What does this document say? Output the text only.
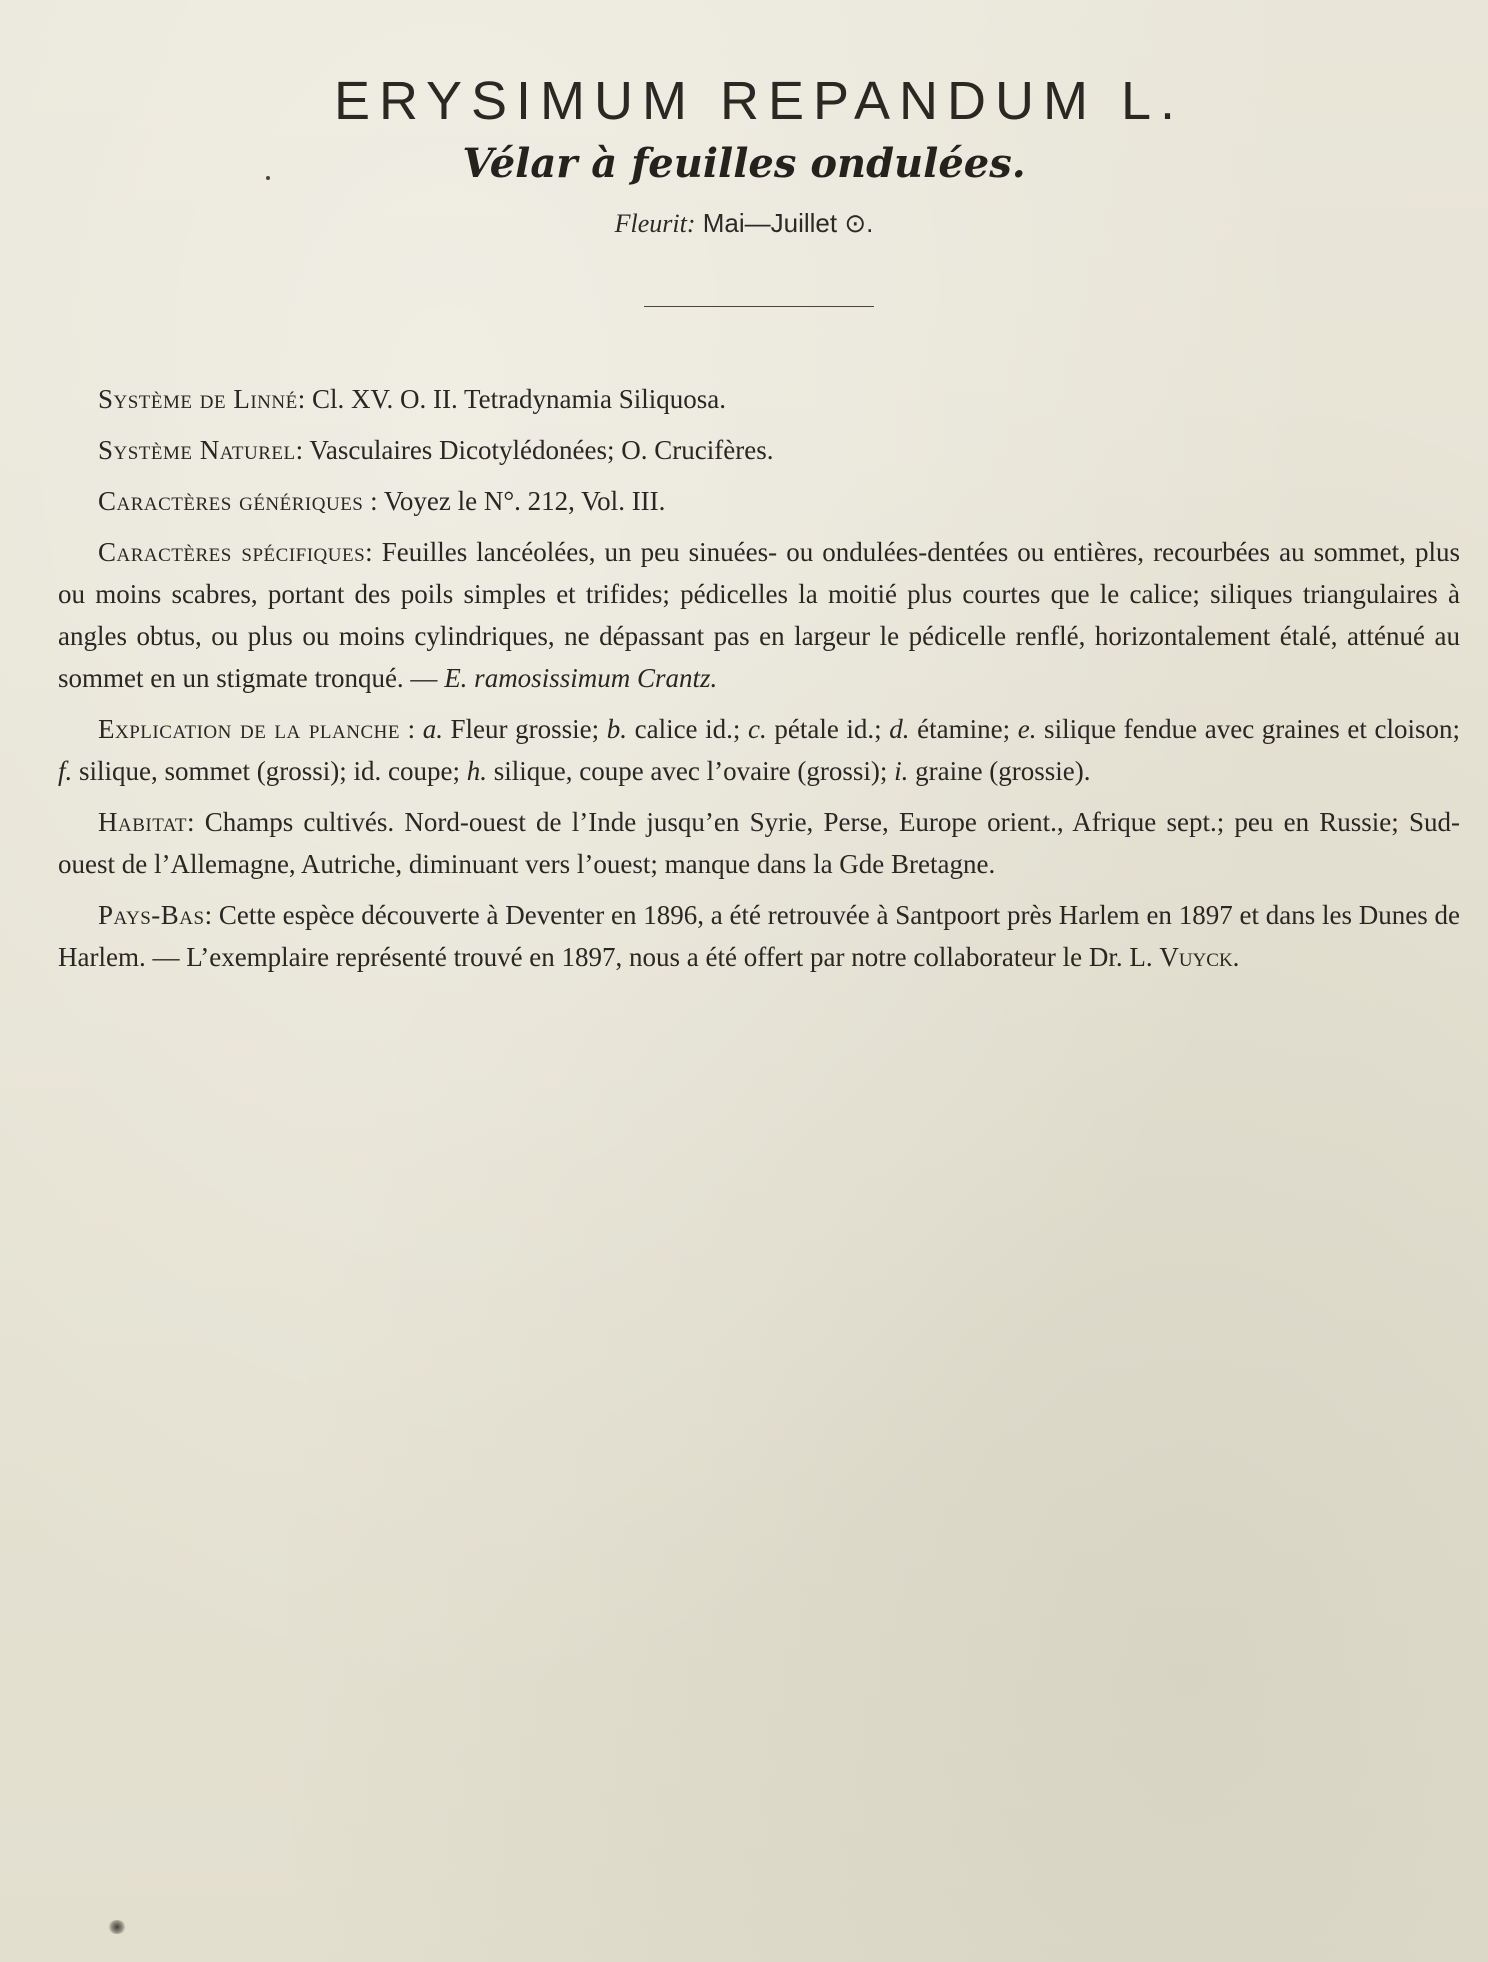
ERYSIMUM REPANDUM L.
Vélar à feuilles ondulées.
Fleurit: Mai—Juillet ⊙.

Système de Linné: Cl. XV. O. II. Tetradynamia Siliquosa.

Système Naturel: Vasculaires Dicotylédonées; O. Crucifères.

Caractères génériques : Voyez le N°. 212, Vol. III.

Caractères spécifiques: Feuilles lancéolées, un peu sinuées- ou ondulées-dentées ou entières, recourbées au sommet, plus ou moins scabres, portant des poils simples et trifides; pédicelles la moitié plus courtes que le calice; siliques triangulaires à angles obtus, ou plus ou moins cylindriques, ne dépassant pas en largeur le pédicelle renflé, horizontalement étalé, atténué au sommet en un stigmate tronqué. — E. ramosissimum Crantz.

Explication de la planche : a. Fleur grossie; b. calice id.; c. pétale id.; d. étamine; e. silique fendue avec graines et cloison; f. silique, sommet (grossi); id. coupe; h. silique, coupe avec l’ovaire (grossi); i. graine (grossie).

Habitat: Champs cultivés. Nord-ouest de l’Inde jusqu’en Syrie, Perse, Europe orient., Afrique sept.; peu en Russie; Sud-ouest de l’Allemagne, Autriche, diminuant vers l’ouest; manque dans la Gde Bretagne.

Pays-Bas: Cette espèce découverte à Deventer en 1896, a été retrouvée à Santpoort près Harlem en 1897 et dans les Dunes de Harlem. — L’exemplaire représenté trouvé en 1897, nous a été offert par notre collaborateur le Dr. L. Vuyck.
